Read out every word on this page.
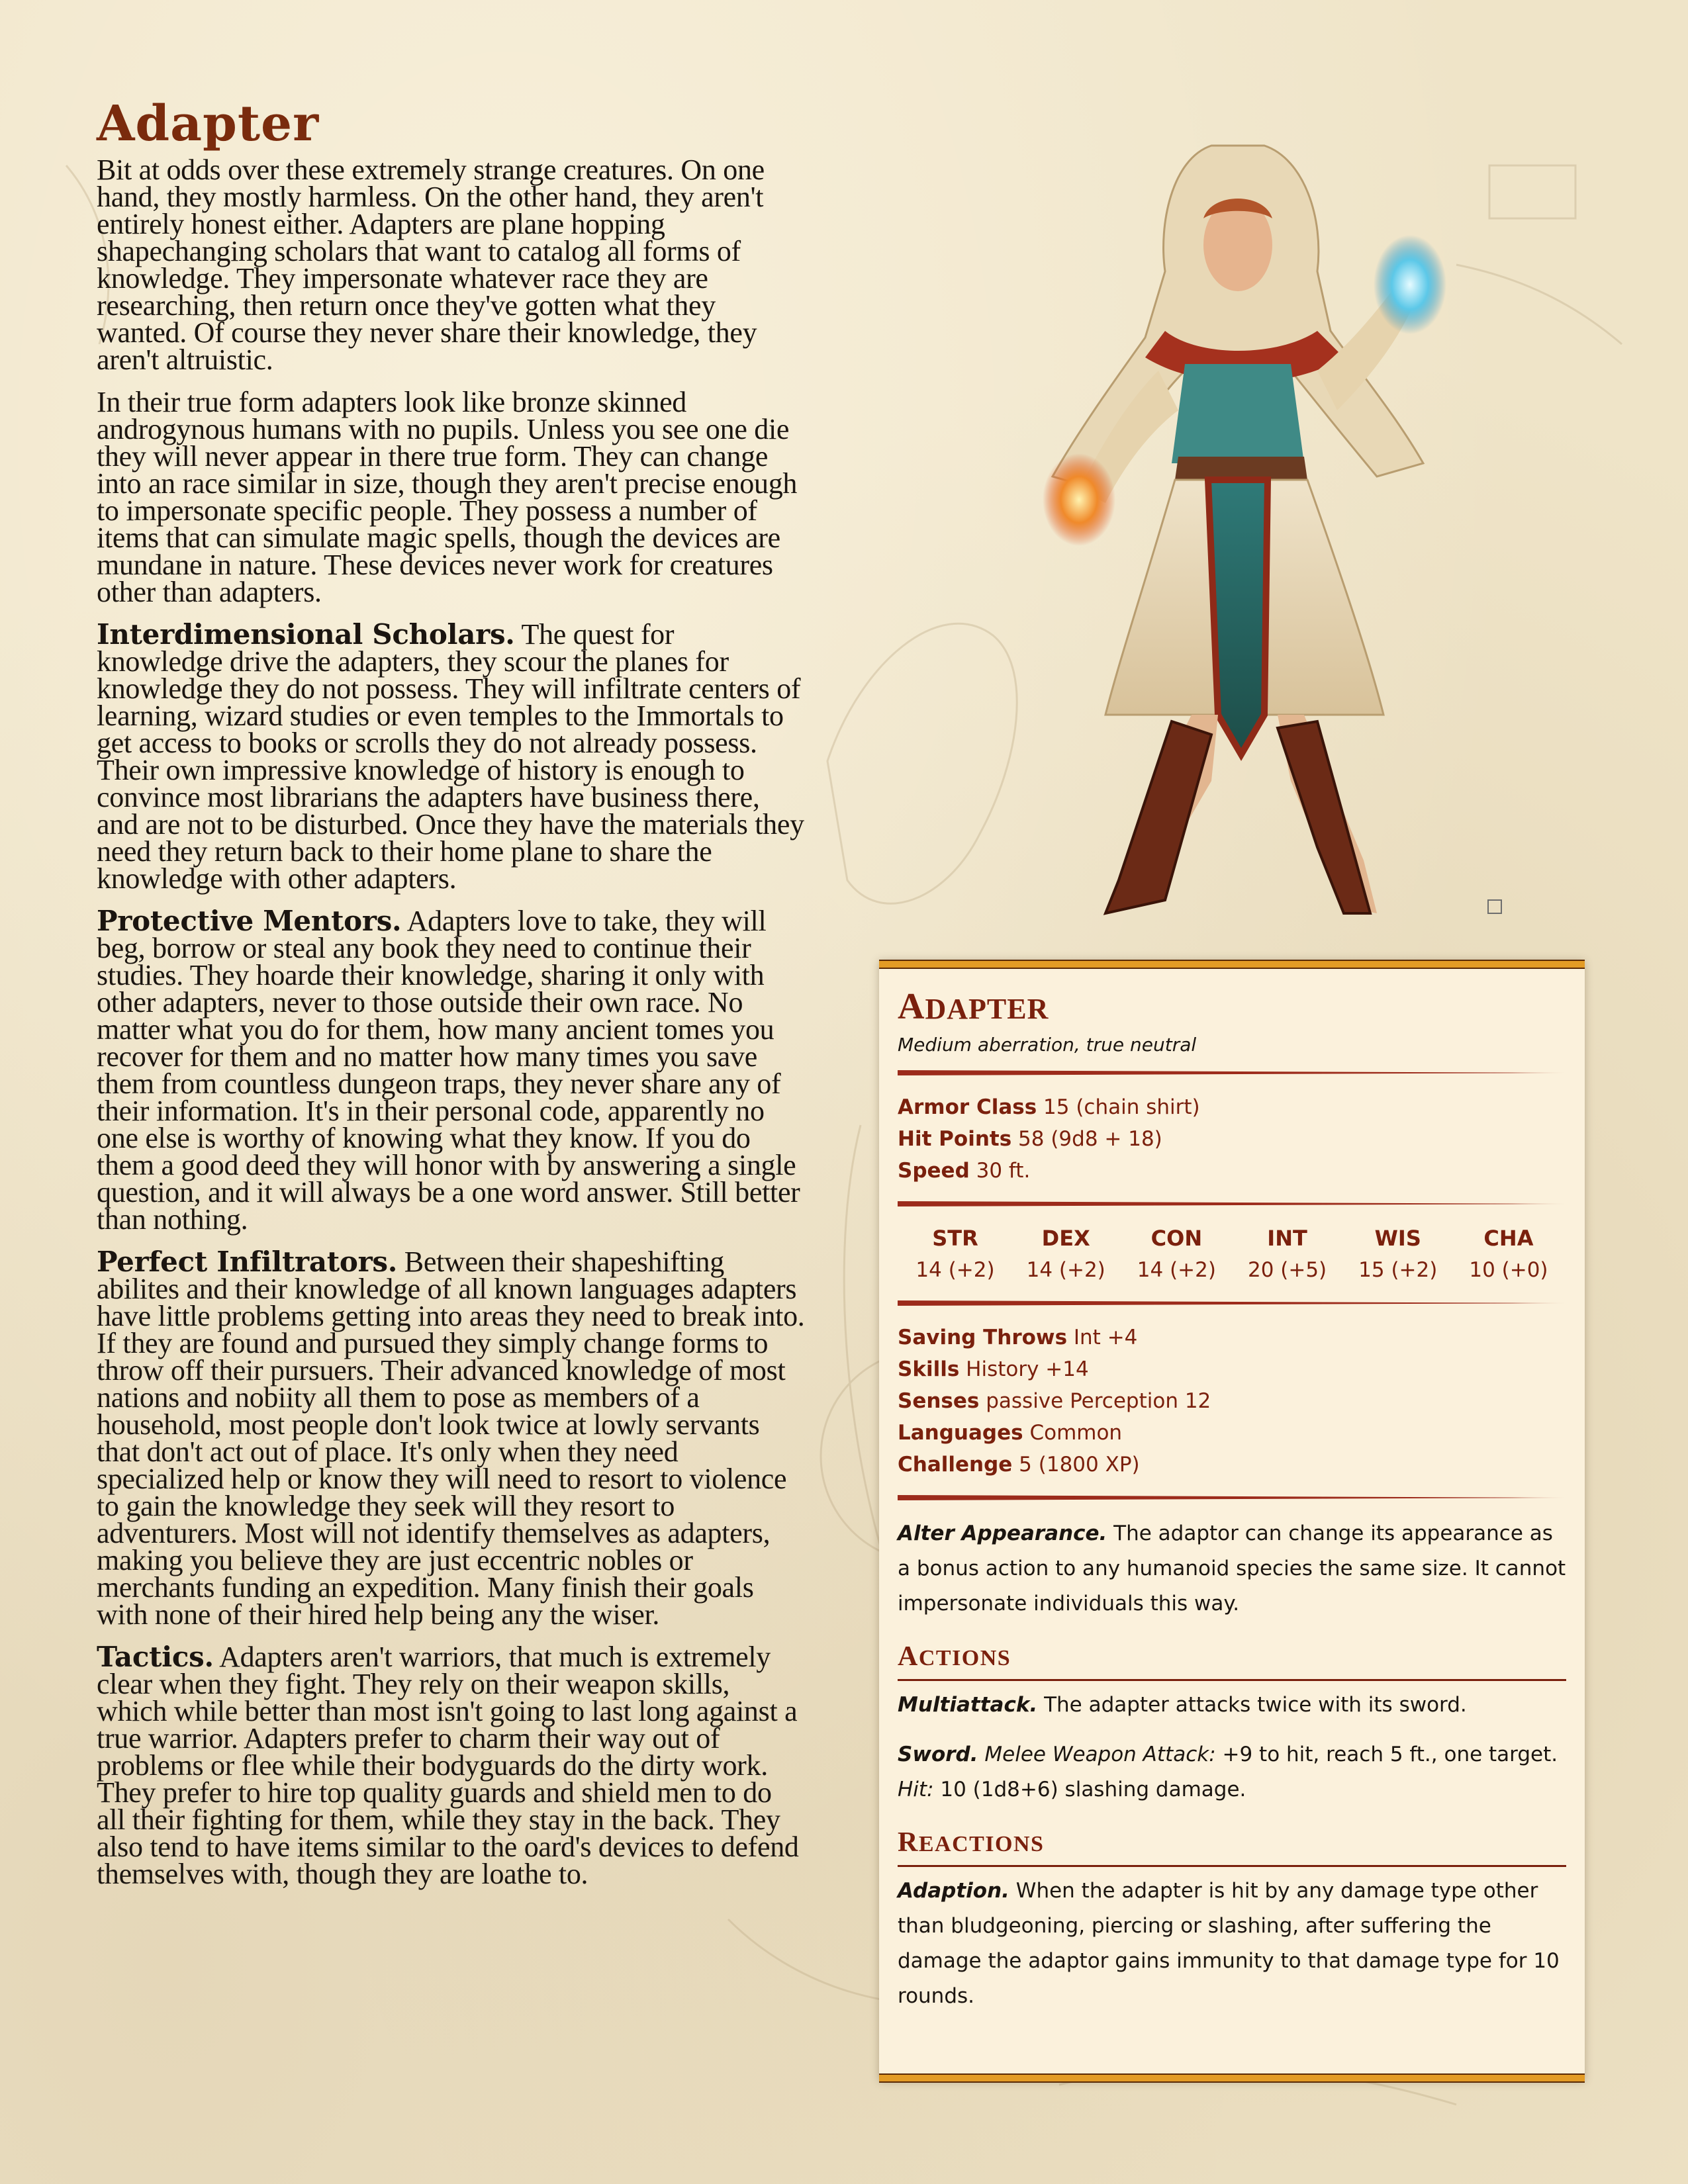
Adapter

Bit at odds over these extremely strange creatures. On one hand, they mostly harmless. On the other hand, they aren't entirely honest either. Adapters are plane hopping shapechanging scholars that want to catalog all forms of knowledge. They impersonate whatever race they are researching, then return once they've gotten what they wanted. Of course they never share their knowledge, they aren't altruistic.

In their true form adapters look like bronze skinned androgynous humans with no pupils. Unless you see one die they will never appear in there true form. They can change into an race similar in size, though they aren't precise enough to impersonate specific people. They possess a number of items that can simulate magic spells, though the devices are mundane in nature. These devices never work for creatures other than adapters.

Interdimensional Scholars. The quest for knowledge drive the adapters, they scour the planes for knowledge they do not possess. They will infiltrate centers of learning, wizard studies or even temples to the Immortals to get access to books or scrolls they do not already possess. Their own impressive knowledge of history is enough to convince most librarians the adapters have business there, and are not to be disturbed. Once they have the materials they need they return back to their home plane to share the knowledge with other adapters.

Protective Mentors. Adapters love to take, they will beg, borrow or steal any book they need to continue their studies. They hoarde their knowledge, sharing it only with other adapters, never to those outside their own race. No matter what you do for them, how many ancient tomes you recover for them and no matter how many times you save them from countless dungeon traps, they never share any of their information. It's in their personal code, apparently no one else is worthy of knowing what they know. If you do them a good deed they will honor with by answering a single question, and it will always be a one word answer. Still better than nothing.

Perfect Infiltrators. Between their shapeshifting abilites and their knowledge of all known languages adapters have little problems getting into areas they need to break into. If they are found and pursued they simply change forms to throw off their pursuers. Their advanced knowledge of most nations and nobiity all them to pose as members of a household, most people don't look twice at lowly servants that don't act out of place. It's only when they need specialized help or know they will need to resort to violence to gain the knowledge they seek will they resort to adventurers. Most will not identify themselves as adapters, making you believe they are just eccentric nobles or merchants funding an expedition. Many finish their goals with none of their hired help being any the wiser.

Tactics. Adapters aren't warriors, that much is extremely clear when they fight. They rely on their weapon skills, which while better than most isn't going to last long against a true warrior. Adapters prefer to charm their way out of problems or flee while their bodyguards do the dirty work. They prefer to hire top quality guards and shield men to do all their fighting for them, while they stay in the back. They also tend to have items similar to the oard's devices to defend themselves with, though they are loathe to.

ADAPTER

Medium aberration, true neutral

Armor Class 15 (chain shirt)

Hit Points 58 (9d8 + 18)

Speed 30 ft.

STR
14 (+2)
DEX
14 (+2)
CON
14 (+2)
INT
20 (+5)
WIS
15 (+2)
CHA
10 (+0)

Saving Throws Int +4

Skills History +14

Senses passive Perception 12

Languages Common

Challenge 5 (1800 XP)

Alter Appearance. The adaptor can change its appearance as a bonus action to any humanoid species the same size. It cannot impersonate individuals this way.

ACTIONS

Multiattack. The adapter attacks twice with its sword.

Sword. Melee Weapon Attack: +9 to hit, reach 5 ft., one target.
Hit: 10 (1d8+6) slashing damage.

REACTIONS

Adaption. When the adapter is hit by any damage type other than bludgeoning, piercing or slashing, after suffering the damage the adaptor gains immunity to that damage type for 10 rounds.
